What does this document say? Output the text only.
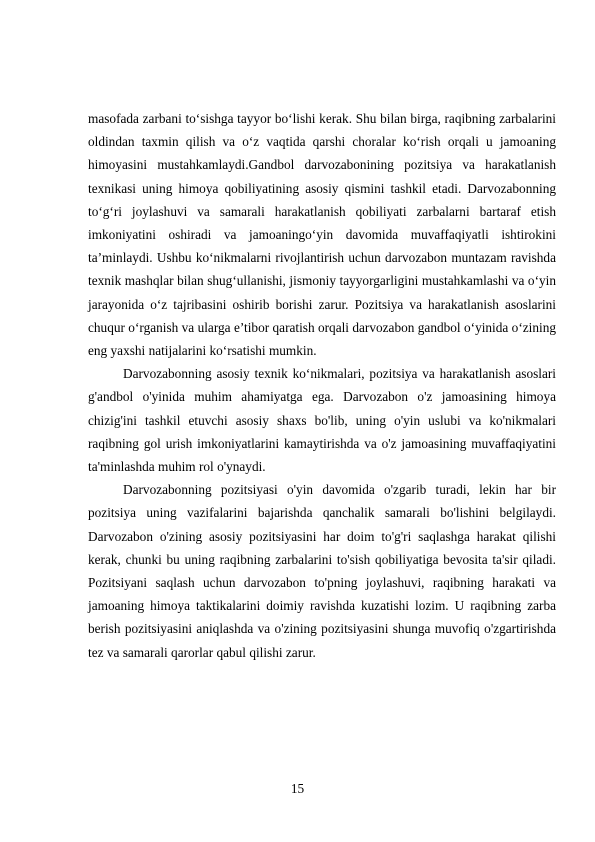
masofada zarbani to‘sishga tayyor bo‘lishi kerak. Shu bilan birga, raqibning zarbalarini oldindan taxmin qilish va o‘z vaqtida qarshi choralar ko‘rish orqali u jamoaning himoyasini mustahkamlaydi.Gandbol darvozabonining pozitsiya va harakatlanish texnikasi uning himoya qobiliyatining asosiy qismini tashkil etadi. Darvozabonning to‘g‘ri joylashuvi va samarali harakatlanish qobiliyati zarbalarni bartaraf etish imkoniyatini oshiradi va jamoaningo‘yin davomida muvaffaqiyatli ishtirokini ta’minlaydi. Ushbu ko‘nikmalarni rivojlantirish uchun darvozabon muntazam ravishda texnik mashqlar bilan shug‘ullanishi, jismoniy tayyorgarligini mustahkamlashi va o‘yin jarayonida o‘z tajribasini oshirib borishi zarur. Pozitsiya va harakatlanish asoslarini chuqur o‘rganish va ularga e’tibor qaratish orqali darvozabon gandbol o‘yinida o‘zining eng yaxshi natijalarini ko‘rsatishi mumkin.

Darvozabonning asosiy texnik ko‘nikmalari, pozitsiya va harakatlanish asoslari g'andbol o'yinida muhim ahamiyatga ega. Darvozabon o'z jamoasining himoya chizig'ini tashkil etuvchi asosiy shaxs bo'lib, uning o'yin uslubi va ko'nikmalari raqibning gol urish imkoniyatlarini kamaytirishda va o'z jamoasining muvaffaqiyatini ta'minlashda muhim rol o'ynaydi.

Darvozabonning pozitsiyasi o'yin davomida o'zgarib turadi, lekin har bir pozitsiya uning vazifalarini bajarishda qanchalik samarali bo'lishini belgilaydi. Darvozabon o'zining asosiy pozitsiyasini har doim to'g'ri saqlashga harakat qilishi kerak, chunki bu uning raqibning zarbalarini to'sish qobiliyatiga bevosita ta'sir qiladi. Pozitsiyani saqlash uchun darvozabon to'pning joylashuvi, raqibning harakati va jamoaning himoya taktikalarini doimiy ravishda kuzatishi lozim. U raqibning zarba berish pozitsiyasini aniqlashda va o'zining pozitsiyasini shunga muvofiq o'zgartirishda tez va samarali qarorlar qabul qilishi zarur.

15
